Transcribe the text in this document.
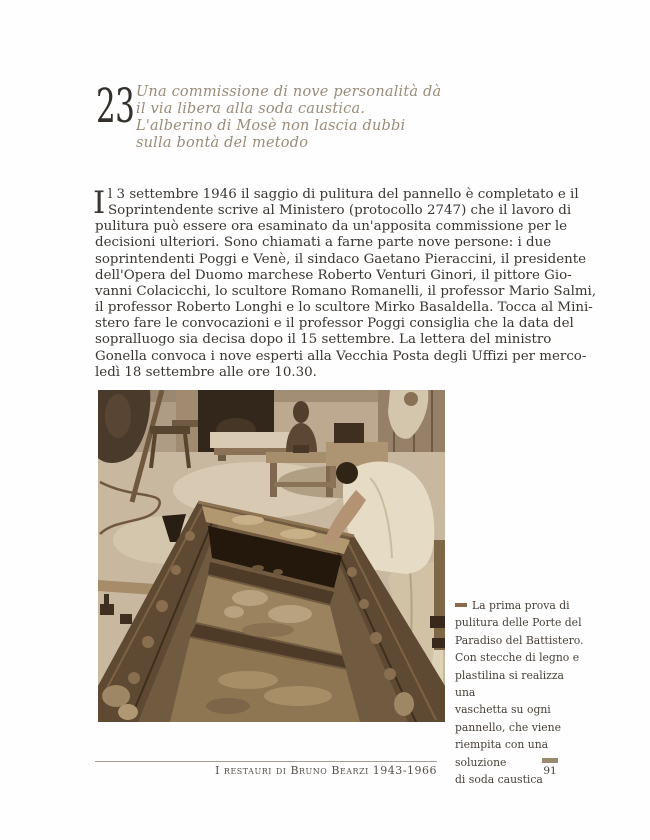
23 Una commissione di nove personalità dà
il via libera alla soda caustica.
L'alberino di Mosè non lascia dubbi
sulla bontà del metodo
I l 3 settembre 1946 il saggio di pulitura del pannello è completato e il
Soprintendente scrive al Ministero (protocollo 2747) che il lavoro di
pulitura può essere ora esaminato da un'apposita commissione per le
decisioni ulteriori. Sono chiamati a farne parte nove persone: i due
soprintendenti Poggi e Venè, il sindaco Gaetano Pieraccini, il presidente
dell'Opera del Duomo marchese Roberto Venturi Ginori, il pittore Gio-
vanni Colacicchi, lo scultore Romano Romanelli, il professor Mario Salmi,
il professor Roberto Longhi e lo scultore Mirko Basaldella. Tocca al Mini-
stero fare le convocazioni e il professor Poggi consiglia che la data del
sopralluogo sia decisa dopo il 15 settembre. La lettera del ministro
Gonella convoca i nove esperti alla Vecchia Posta degli Uffizi per merco-
ledì 18 settembre alle ore 10.30.
La prima prova di
pulitura delle Porte del
Paradiso del Battistero.
Con stecche di legno e
plastilina si realizza una
vaschetta su ogni
pannello, che viene
riempita con una soluzione
di soda caustica
I restauri di Bruno Bearzi 1943-1966	91
